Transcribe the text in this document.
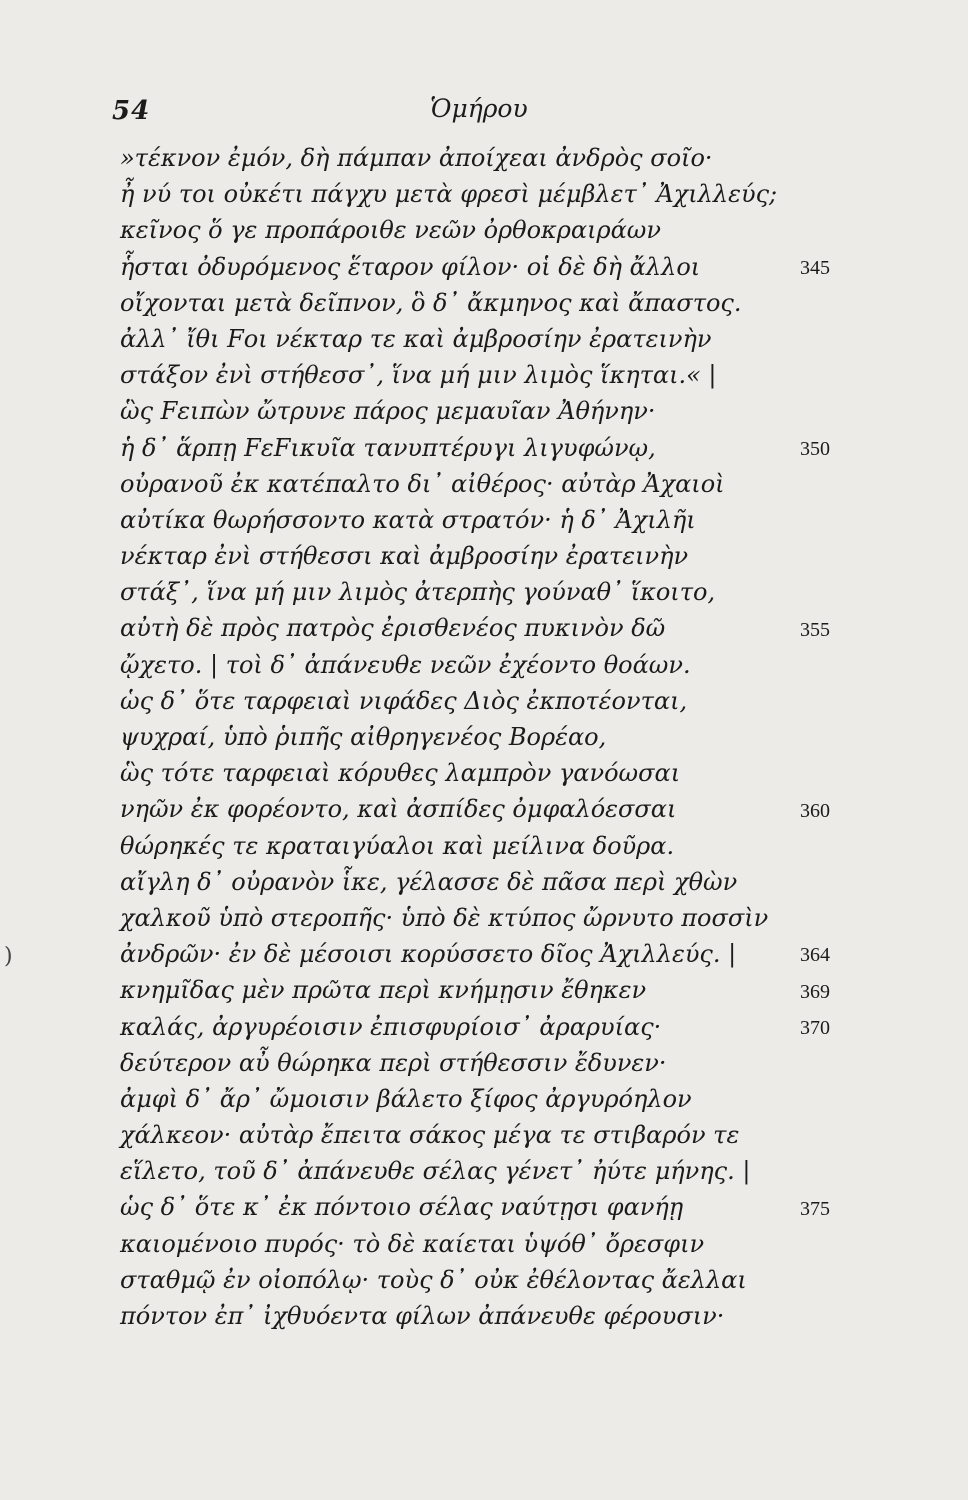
54	Ὁμήρου
»τέκνον ἐμόν, δὴ πάμπαν ἀποίχεαι ἀνδρὸς σοῖο·
ἦ νύ τοι οὐκέτι πάγχυ μετὰ φρεσὶ μέμβλετ᾽ Ἀχιλλεύς;
κεῖνος ὅ γε προπάροιθε νεῶν ὀρθοκραιράων
ἧσται ὀδυρόμενος ἕταρον φίλον· οἱ δὲ δὴ ἄλλοι
οἴχονται μετὰ δεῖπνον, ὃ δ᾽ ἄκμηνος καὶ ἄπαστος.
ἀλλ᾽ ἴθι Fοι νέκταρ τε καὶ ἀμβροσίην ἐρατεινὴν
στάξον ἐνὶ στήθεσσ᾽, ἵνα μή μιν λιμὸς ἵκηται.« |
ὣς Fειπὼν ὤτρυνε πάρος μεμαυῖαν Ἀθήνην·
ἡ δ᾽ ἅρπῃ FεFικυῖα τανυπτέρυγι λιγυφώνῳ,
οὐρανοῦ ἐκ κατέπαλτο δι᾽ αἰθέρος· αὐτὰρ Ἀχαιοὶ
αὐτίκα θωρήσσοντο κατὰ στρατόν· ἡ δ᾽ Ἀχιλῆι
νέκταρ ἐνὶ στήθεσσι καὶ ἀμβροσίην ἐρατεινὴν
στάξ᾽, ἵνα μή μιν λιμὸς ἀτερπὴς γούναθ᾽ ἵκοιτο,
αὐτὴ δὲ πρὸς πατρὸς ἐρισθενέος πυκινὸν δῶ
ᾤχετο. | τοὶ δ᾽ ἀπάνευθε νεῶν ἐχέοντο θοάων.
ὡς δ᾽ ὅτε ταρφειαὶ νιφάδες Διὸς ἐκποτέονται,
ψυχραί, ὑπὸ ῥιπῆς αἰθρηγενέος Βορέαο,
ὣς τότε ταρφειαὶ κόρυθες λαμπρὸν γανόωσαι
νηῶν ἐκ φορέοντο, καὶ ἀσπίδες ὀμφαλόεσσαι
θώρηκές τε κραταιγύαλοι καὶ μείλινα δοῦρα.
αἴγλη δ᾽ οὐρανὸν ἷκε, γέλασσε δὲ πᾶσα περὶ χθὼν
χαλκοῦ ὑπὸ στεροπῆς· ὑπὸ δὲ κτύπος ὤρνυτο ποσσὶν
ἀνδρῶν· ἐν δὲ μέσοισι κορύσσετο δῖος Ἀχιλλεύς. |
κνημῖδας μὲν πρῶτα περὶ κνήμῃσιν ἔθηκεν
καλάς, ἀργυρέοισιν ἐπισφυρίοισ᾽ ἀραρυίας·
δεύτερον αὖ θώρηκα περὶ στήθεσσιν ἔδυνεν·
ἀμφὶ δ᾽ ἄρ᾽ ὤμοισιν βάλετο ξίφος ἀργυρόηλον
χάλκεον· αὐτὰρ ἔπειτα σάκος μέγα τε στιβαρόν τε
εἵλετο, τοῦ δ᾽ ἀπάνευθε σέλας γένετ᾽ ἠύτε μήνης. |
ὡς δ᾽ ὅτε κ᾽ ἐκ πόντοιο σέλας ναύτῃσι φανήῃ
καιομένοιο πυρός· τὸ δὲ καίεται ὑψόθ᾽ ὄρεσφιν
σταθμῷ ἐν οἰοπόλῳ· τοὺς δ᾽ οὐκ ἐθέλοντας ἄελλαι
πόντον ἐπ᾽ ἰχθυόεντα φίλων ἀπάνευθε φέρουσιν·
345
350
355
360
364
369
370
375
)
